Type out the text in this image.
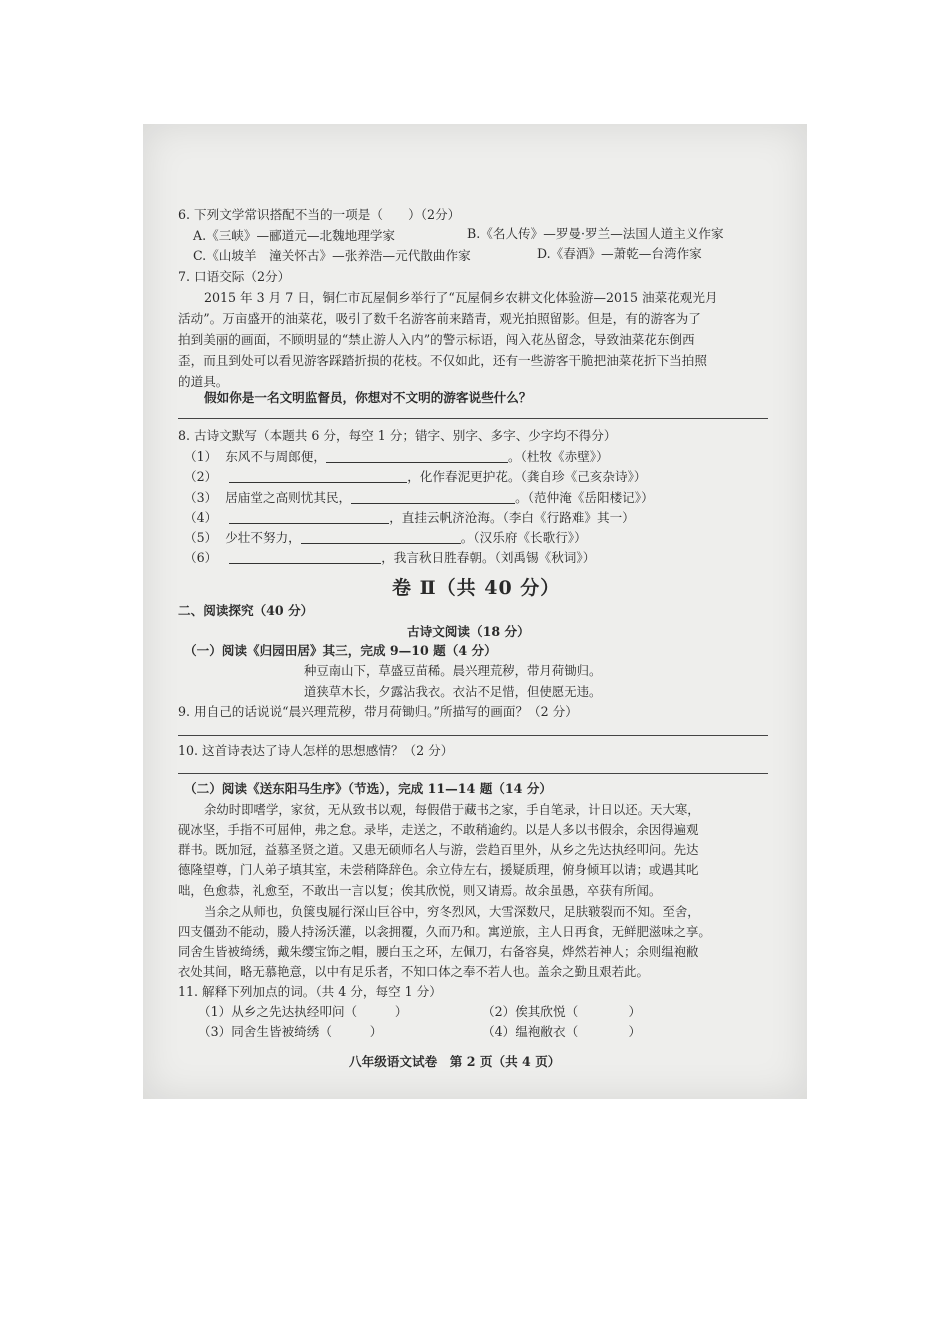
6. 下列文学常识搭配不当的一项是（　　）（2分）
A.《三峡》—郦道元—北魏地理学家	B.《名人传》—罗曼·罗兰—法国人道主义作家
C.《山坡羊　潼关怀古》—张养浩—元代散曲作家	D.《春酒》—萧乾—台湾作家
7. 口语交际（2分）
2015 年 3 月 7 日，铜仁市瓦屋侗乡举行了“瓦屋侗乡农耕文化体验游—2015 油菜花观光月
活动”。万亩盛开的油菜花，吸引了数千名游客前来踏青，观光拍照留影。但是，有的游客为了
拍到美丽的画面，不顾明显的“禁止游人入内”的警示标语，闯入花丛留念，导致油菜花东倒西
歪，而且到处可以看见游客踩踏折损的花枝。不仅如此，还有一些游客干脆把油菜花折下当拍照
的道具。
假如你是一名文明监督员，你想对不文明的游客说些什么？
8. 古诗文默写（本题共 6 分，每空 1 分；错字、别字、多字、少字均不得分）
（1） 东风不与周郎便，	。（杜牧《赤壁》）
（2）	，化作春泥更护花。（龚自珍《己亥杂诗》）
（3） 居庙堂之高则忧其民，	。（范仲淹《岳阳楼记》）
（4）	，直挂云帆济沧海。（李白《行路难》其一）
（5） 少壮不努力，	。（汉乐府《长歌行》）
（6）	，我言秋日胜春朝。（刘禹锡《秋词》）
卷 Ⅱ（共 40 分）
二、阅读探究（40 分）
古诗文阅读（18 分）
（一）阅读《归园田居》其三，完成 9—10 题（4 分）
种豆南山下，草盛豆苗稀。晨兴理荒秽，带月荷锄归。
道狭草木长，夕露沾我衣。衣沾不足惜，但使愿无违。
9. 用自己的话说说“晨兴理荒秽，带月荷锄归。”所描写的画面？（2 分）
10. 这首诗表达了诗人怎样的思想感情？（2 分）
（二）阅读《送东阳马生序》（节选），完成 11—14 题（14 分）
余幼时即嗜学，家贫，无从致书以观，每假借于藏书之家，手自笔录，计日以还。天大寒，
砚冰坚，手指不可屈伸，弗之怠。录毕，走送之，不敢稍逾约。以是人多以书假余，余因得遍观
群书。既加冠，益慕圣贤之道。又患无硕师名人与游，尝趋百里外，从乡之先达执经叩问。先达
德隆望尊，门人弟子填其室，未尝稍降辞色。余立侍左右，援疑质理，俯身倾耳以请；或遇其叱
咄，色愈恭，礼愈至，不敢出一言以复；俟其欣悦，则又请焉。故余虽愚，卒获有所闻。
当余之从师也，负箧曳屣行深山巨谷中，穷冬烈风，大雪深数尺，足肤皲裂而不知。至舍，
四支僵劲不能动，媵人持汤沃灌，以衾拥覆，久而乃和。寓逆旅，主人日再食，无鲜肥滋味之享。
同舍生皆被绮绣，戴朱缨宝饰之帽，腰白玉之环，左佩刀，右备容臭，烨然若神人；余则缊袍敝
衣处其间，略无慕艳意，以中有足乐者，不知口体之奉不若人也。盖余之勤且艰若此。
11. 解释下列加点的词。（共 4 分，每空 1 分）
（1）从乡之先达执经叩问（　　　）	（2）俟其欣悦（　　　　）
（3）同舍生皆被绮绣（　　　）	（4）缊袍敝衣（　　　　）
八年级语文试卷　第 2 页（共 4 页）
